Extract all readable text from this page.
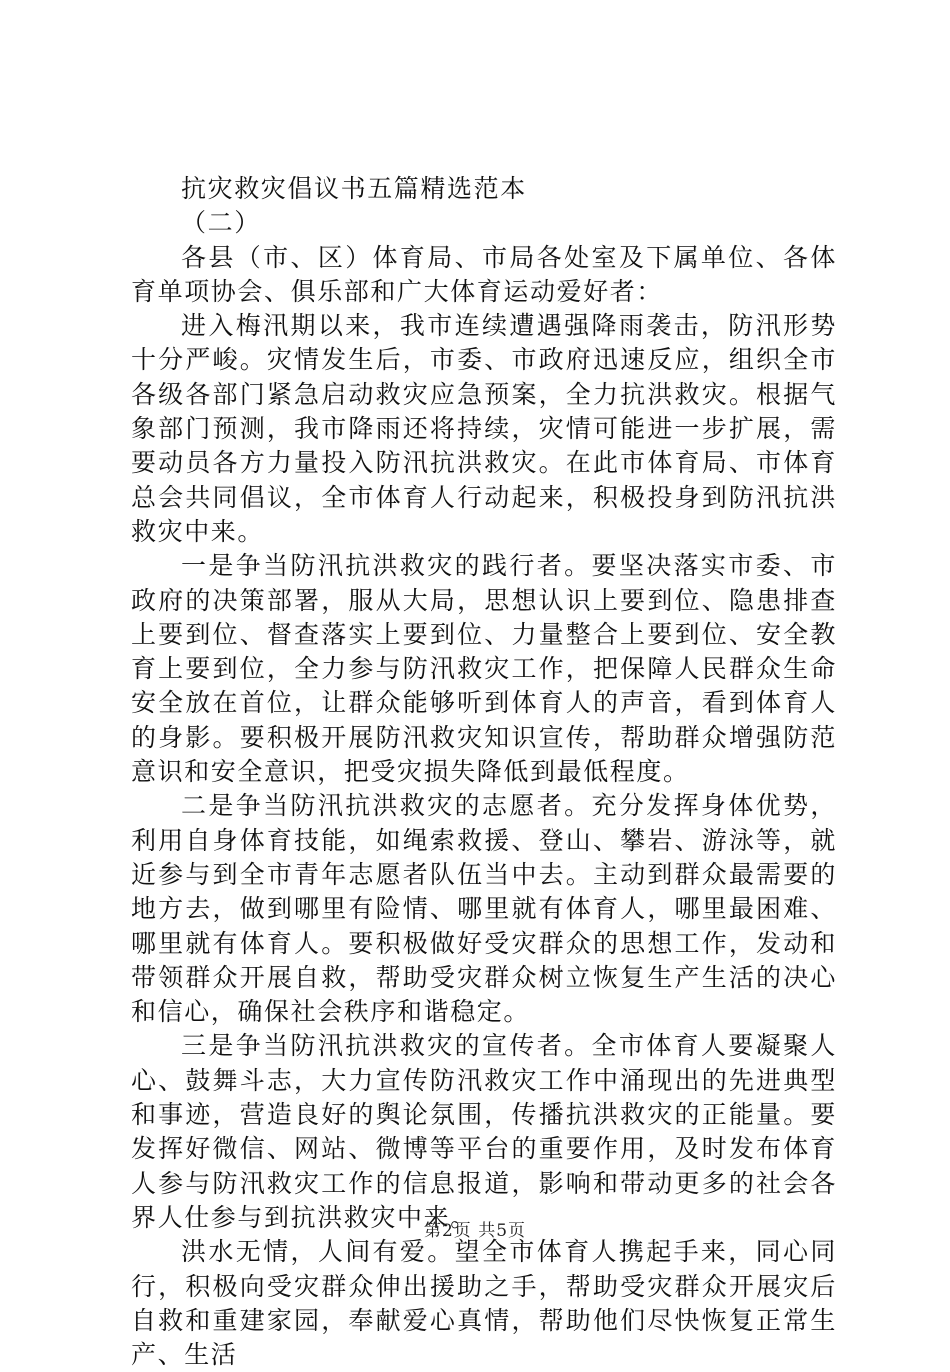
抗灾救灾倡议书五篇精选范本

（二）

各县（市、区）体育局、市局各处室及下属单位、各体育单项协会、俱乐部和广大体育运动爱好者：

进入梅汛期以来，我市连续遭遇强降雨袭击，防汛形势十分严峻。灾情发生后，市委、市政府迅速反应，组织全市各级各部门紧急启动救灾应急预案，全力抗洪救灾。根据气象部门预测，我市降雨还将持续，灾情可能进一步扩展，需要动员各方力量投入防汛抗洪救灾。在此市体育局、市体育总会共同倡议，全市体育人行动起来，积极投身到防汛抗洪救灾中来。

一是争当防汛抗洪救灾的践行者。要坚决落实市委、市政府的决策部署，服从大局，思想认识上要到位、隐患排查上要到位、督查落实上要到位、力量整合上要到位、安全教育上要到位，全力参与防汛救灾工作，把保障人民群众生命安全放在首位，让群众能够听到体育人的声音，看到体育人的身影。要积极开展防汛救灾知识宣传，帮助群众增强防范意识和安全意识，把受灾损失降低到最低程度。

二是争当防汛抗洪救灾的志愿者。充分发挥身体优势，利用自身体育技能，如绳索救援、登山、攀岩、游泳等，就近参与到全市青年志愿者队伍当中去。主动到群众最需要的地方去，做到哪里有险情、哪里就有体育人，哪里最困难、哪里就有体育人。要积极做好受灾群众的思想工作，发动和带领群众开展自救，帮助受灾群众树立恢复生产生活的决心和信心，确保社会秩序和谐稳定。

三是争当防汛抗洪救灾的宣传者。全市体育人要凝聚人心、鼓舞斗志，大力宣传防汛救灾工作中涌现出的先进典型和事迹，营造良好的舆论氛围，传播抗洪救灾的正能量。要发挥好微信、网站、微博等平台的重要作用，及时发布体育人参与防汛救灾工作的信息报道，影响和带动更多的社会各界人仕参与到抗洪救灾中来。

洪水无情，人间有爱。望全市体育人携起手来，同心同行，积极向受灾群众伸出援助之手，帮助受灾群众开展灾后自救和重建家园，奉献爱心真情，帮助他们尽快恢复正常生产、生活

第2页 共5页
